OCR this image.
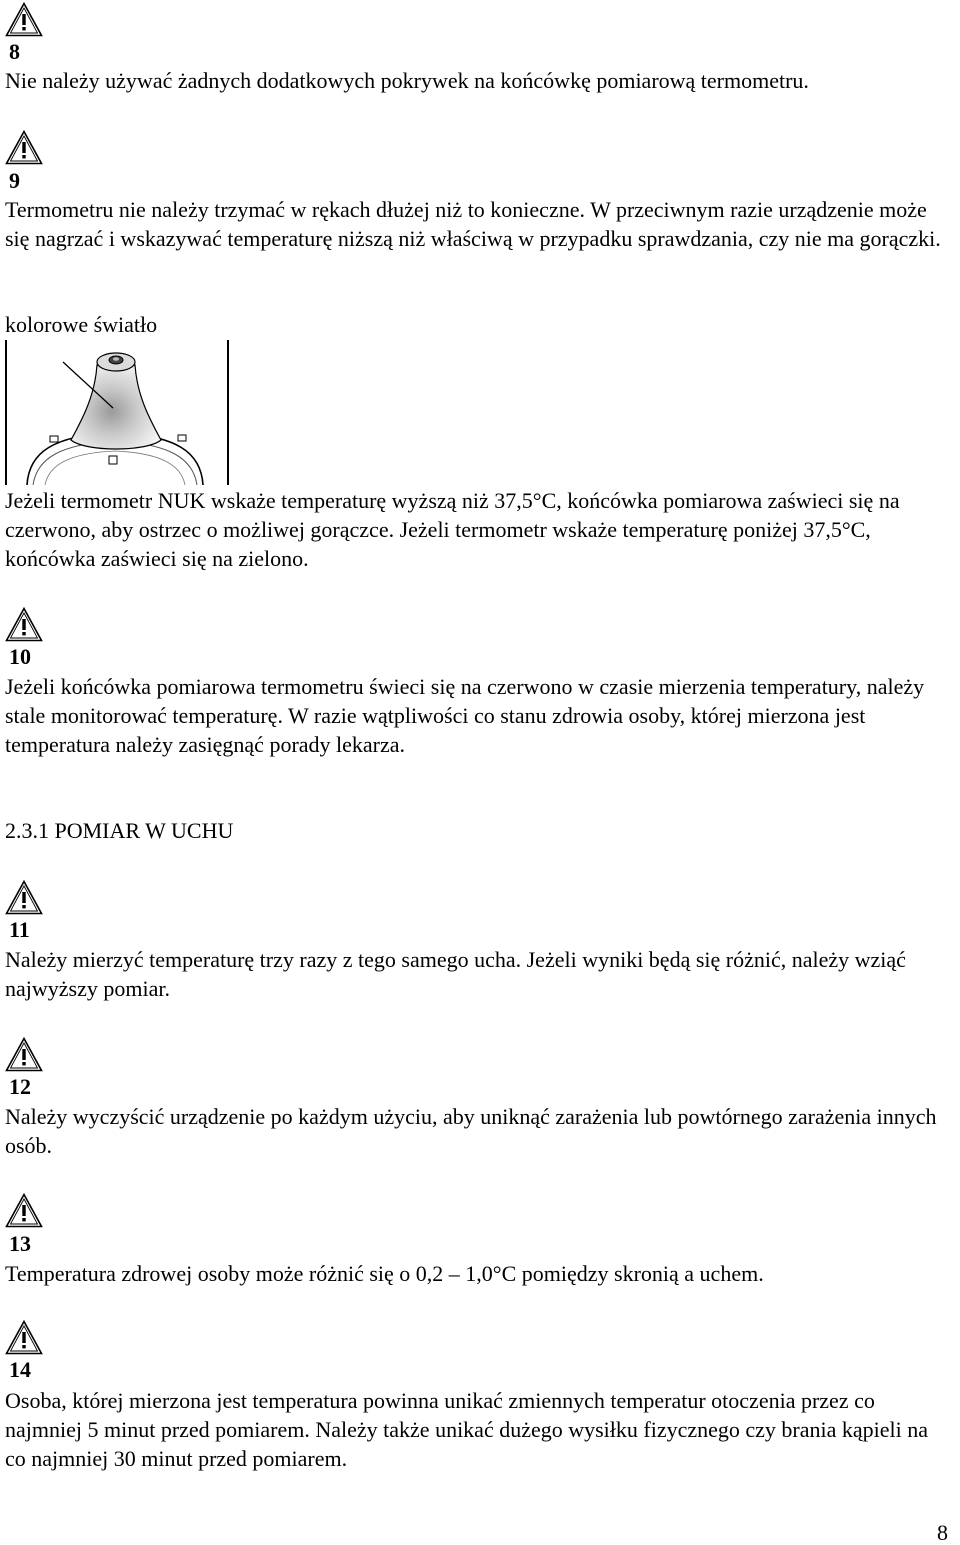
8

Nie należy używać żadnych dodatkowych pokrywek na końcówkę pomiarową termometru.

9

Termometru nie należy trzymać w rękach dłużej niż to konieczne. W przeciwnym razie urządzenie może się nagrzać i wskazywać temperaturę niższą niż właściwą w przypadku sprawdzania, czy nie ma gorączki.

kolorowe światło

Jeżeli termometr NUK wskaże temperaturę wyższą niż 37,5°C, końcówka pomiarowa zaświeci się na czerwono, aby ostrzec o możliwej gorączce. Jeżeli termometr wskaże temperaturę poniżej 37,5°C, końcówka zaświeci się na zielono.

10

Jeżeli końcówka pomiarowa termometru świeci się na czerwono w czasie mierzenia temperatury, należy stale monitorować temperaturę. W razie wątpliwości co stanu zdrowia osoby, której mierzona jest temperatura należy zasięgnąć porady lekarza.

2.3.1 POMIAR W UCHU
11

Należy mierzyć temperaturę trzy razy z tego samego ucha. Jeżeli wyniki będą się różnić, należy wziąć najwyższy pomiar.

12

Należy wyczyścić urządzenie po każdym użyciu, aby uniknąć zarażenia lub powtórnego zarażenia innych osób.

13

Temperatura zdrowej osoby może różnić się o 0,2 – 1,0°C pomiędzy skronią a uchem.

14

Osoba, której mierzona jest temperatura powinna unikać zmiennych temperatur otoczenia przez co najmniej 5 minut przed pomiarem. Należy także unikać dużego wysiłku fizycznego czy brania kąpieli na co najmniej 30 minut przed pomiarem.

8
